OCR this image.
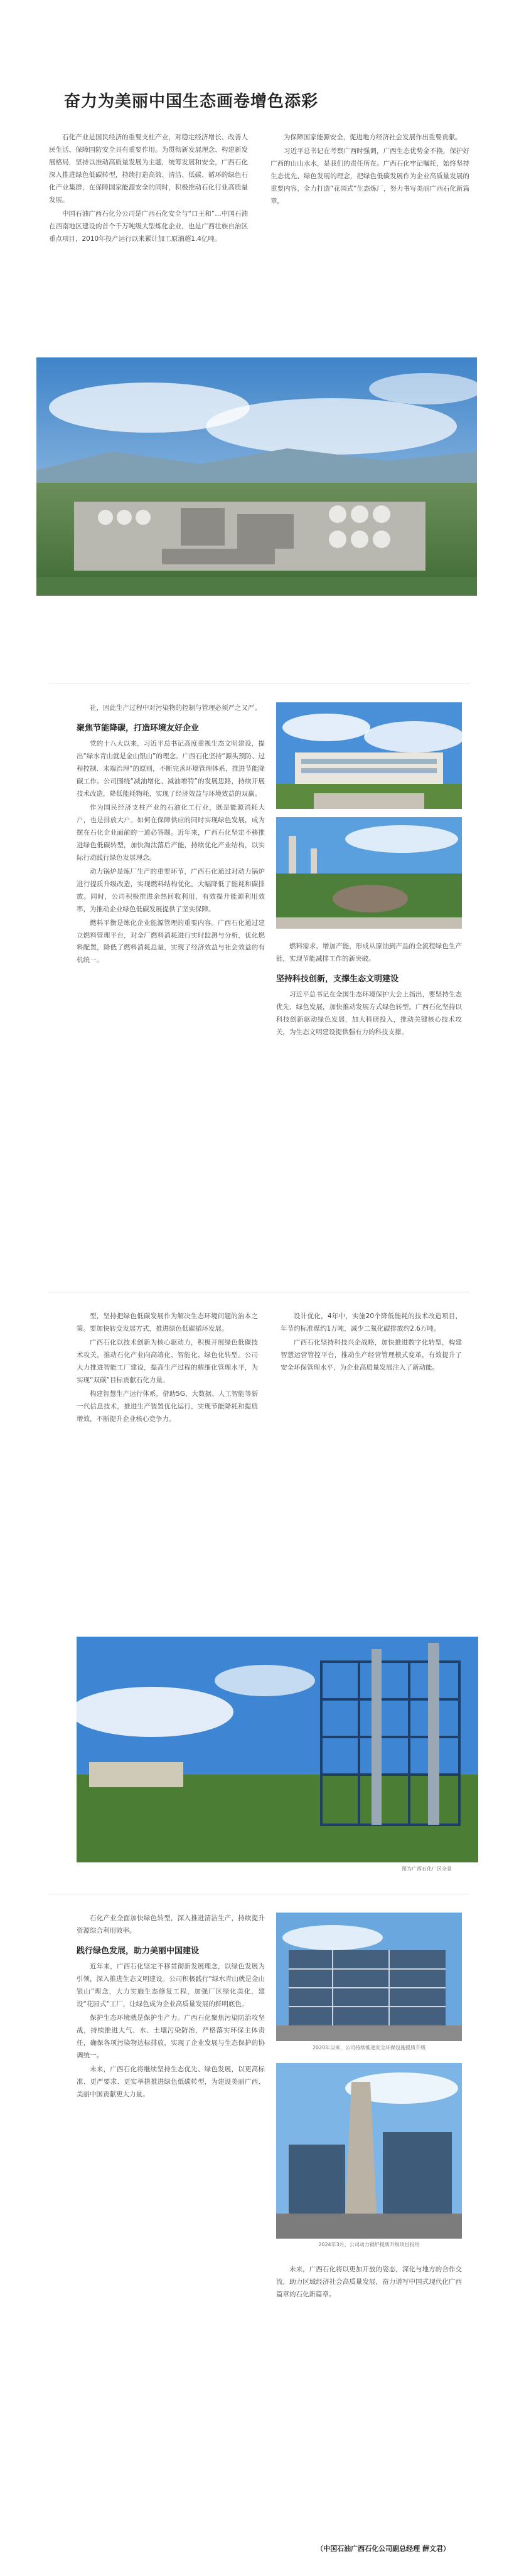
奋力为美丽中国生态画卷增色添彩

石化产业是国民经济的重要支柱产业，对稳定经济增长、改善人民生活、保障国防安全具有重要作用。为贯彻新发展理念、构建新发展格局，坚持以推动高质量发展为主题，统筹发展和安全，广西石化深入推进绿色低碳转型，持续打造高效、清洁、低碳、循环的绿色石化产业集群，在保障国家能源安全的同时，积极推动石化行业高质量发展。

中国石油广西石化分公司是广西石化安全与“口王和”…中国石油在西南地区建设的首个千万吨级大型炼化企业，也是广西壮族自治区重点项目，2010年投产运行以来累计加工原油超1.4亿吨。

为保障国家能源安全，促进地方经济社会发展作出重要贡献。

习近平总书记在考察广西时强调，广西生态优势金不换，保护好广西的山山水水，是我们的责任所在。广西石化牢记嘱托，始终坚持生态优先、绿色发展的理念，把绿色低碳发展作为企业高质量发展的重要内容，全力打造“花园式”生态炼厂，努力书写美丽广西石化新篇章。

社，因此生产过程中对污染物的控制与管理必须严之又严。

聚焦节能降碳，打造环境友好企业

党的十八大以来，习近平总书记高度重视生态文明建设，提出“绿水青山就是金山银山”的理念。广西石化坚持“源头预防、过程控制、末端治理”的原则，不断完善环境管理体系，推进节能降碳工作。公司围绕“减油增化、减油增特”的发展思路，持续开展技术改造，降低能耗物耗，实现了经济效益与环境效益的双赢。

作为国民经济支柱产业的石油化工行业，既是能源消耗大户，也是排放大户。如何在保障供应的同时实现绿色发展，成为摆在石化企业面前的一道必答题。近年来，广西石化坚定不移推进绿色低碳转型，加快淘汰落后产能，持续优化产业结构，以实际行动践行绿色发展理念。

动力锅炉是炼厂生产的重要环节，广西石化通过对动力锅炉进行提质升级改造，实现燃料结构优化，大幅降低了能耗和碳排放。同时，公司积极推进余热回收利用，有效提升能源利用效率，为推动企业绿色低碳发展提供了坚实保障。

燃料平衡是炼化企业能源管理的重要内容。广西石化通过建立燃料管理平台，对全厂燃料消耗进行实时监测与分析，优化燃料配置，降低了燃料消耗总量，实现了经济效益与社会效益的有机统一。

燃料需求，增加产能，形成从原油到产品的全流程绿色生产链，实现节能减排工作的新突破。

坚持科技创新，支撑生态文明建设

习近平总书记在全国生态环境保护大会上指出，要坚持生态优先、绿色发展，加快推动发展方式绿色转型。广西石化坚持以科技创新驱动绿色发展，加大科研投入，推动关键核心技术攻关，为生态文明建设提供强有力的科技支撑。

型，坚持把绿色低碳发展作为解决生态环境问题的治本之策。要加快转变发展方式，推进绿色低碳循环发展。

广西石化以技术创新为核心驱动力，积极开展绿色低碳技术攻关，推动石化产业向高端化、智能化、绿色化转型。公司大力推进智能工厂建设，提高生产过程的精细化管理水平，为实现“双碳”目标贡献石化力量。

构建智慧生产运行体系，借助5G、大数据、人工智能等新一代信息技术，推进生产装置优化运行，实现节能降耗和提质增效，不断提升企业核心竞争力。

设计优化，4年中，实施20个降低能耗的技术改造项目，年节约标准煤约1万吨，减少二氧化碳排放约2.6万吨。

广西石化坚持科技兴企战略，加快推进数字化转型，构建智慧运营管控平台，推动生产经营管理模式变革，有效提升了安全环保管理水平，为企业高质量发展注入了新动能。

图为广西石化厂区全景

石化产业全面加快绿色转型，深入推进清洁生产，持续提升资源综合利用效率。

践行绿色发展，助力美丽中国建设

近年来，广西石化坚定不移贯彻新发展理念，以绿色发展为引领，深入推进生态文明建设。公司积极践行“绿水青山就是金山银山”理念，大力实施生态修复工程，加强厂区绿化美化，建设“花园式”工厂，让绿色成为企业高质量发展的鲜明底色。

保护生态环境就是保护生产力。广西石化聚焦污染防治攻坚战，持续推进大气、水、土壤污染防治，严格落实环保主体责任，确保各项污染物达标排放，实现了企业发展与生态保护的协调统一。

未来，广西石化将继续坚持生态优先、绿色发展，以更高标准、更严要求、更实举措推进绿色低碳转型，为建设美丽广西、美丽中国贡献更大力量。

2020年以来，公司持续推进安全环保设施提质升级
2024年3月，公司动力锅炉提质升级项目投用

未来，广西石化将以更加开放的姿态，深化与地方的合作交流，助力区域经济社会高质量发展，奋力谱写中国式现代化广西篇章的石化新篇章。

（中国石油广西石化公司副总经理 薛文君）
